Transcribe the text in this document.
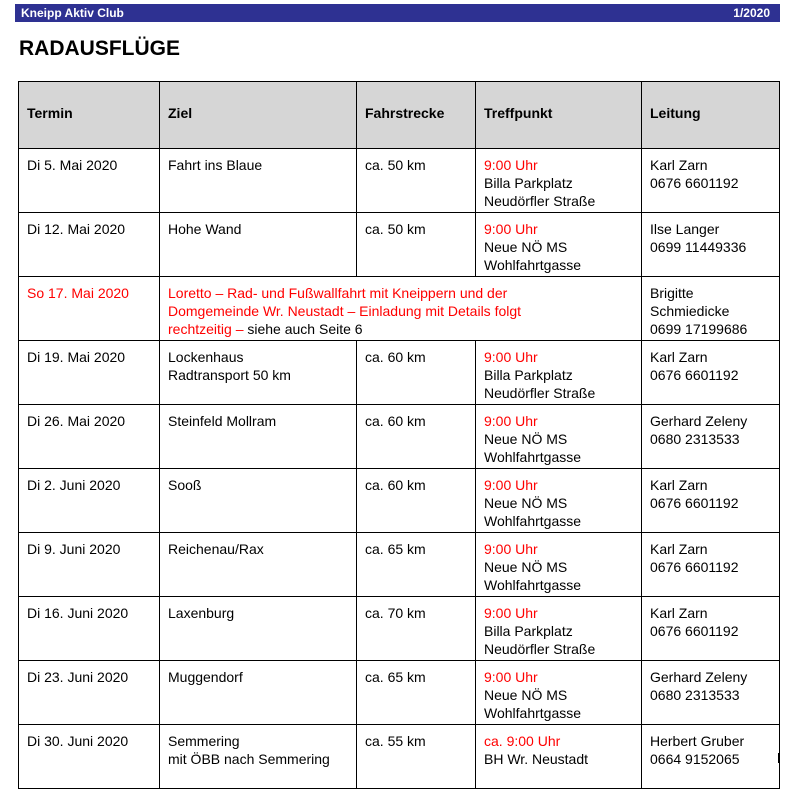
Kneipp Aktiv Club	1/2020
RADAUSFLÜGE
Termin	Ziel	Fahrstrecke	Treffpunkt	Leitung

Di 5. Mai 2020	Fahrt ins Blaue	ca. 50 km	9:00 Uhr
Billa Parkplatz
Neudörfler Straße	Karl Zarn
0676 6601192

Di 12. Mai 2020	Hohe Wand	ca. 50 km	9:00 Uhr
Neue NÖ MS
Wohlfahrtgasse	Ilse Langer
0699 11449336

So 17. Mai 2020	Loretto – Rad- und Fußwallfahrt mit Kneippern und der
Domgemeinde Wr. Neustadt – Einladung mit Details folgt
rechtzeitig – siehe auch Seite 6			Brigitte
Schmiedicke
0699 17199686

Di 19. Mai 2020	Lockenhaus
Radtransport 50 km	ca. 60 km	9:00 Uhr
Billa Parkplatz
Neudörfler Straße	Karl Zarn
0676 6601192

Di 26. Mai 2020	Steinfeld Mollram	ca. 60 km	9:00 Uhr
Neue NÖ MS
Wohlfahrtgasse	Gerhard Zeleny
0680 2313533

Di 2. Juni 2020	Sooß	ca. 60 km	9:00 Uhr
Neue NÖ MS
Wohlfahrtgasse	Karl Zarn
0676 6601192

Di 9. Juni 2020	Reichenau/Rax	ca. 65 km	9:00 Uhr
Neue NÖ MS
Wohlfahrtgasse	Karl Zarn
0676 6601192

Di 16. Juni 2020	Laxenburg	ca. 70 km	9:00 Uhr
Billa Parkplatz
Neudörfler Straße	Karl Zarn
0676 6601192

Di 23. Juni 2020	Muggendorf	ca. 65 km	9:00 Uhr
Neue NÖ MS
Wohlfahrtgasse	Gerhard Zeleny
0680 2313533

Di 30. Juni 2020	Semmering
mit ÖBB nach Semmering	ca. 55 km	ca. 9:00 Uhr
BH Wr. Neustadt	Herbert Gruber
0664 9152065
